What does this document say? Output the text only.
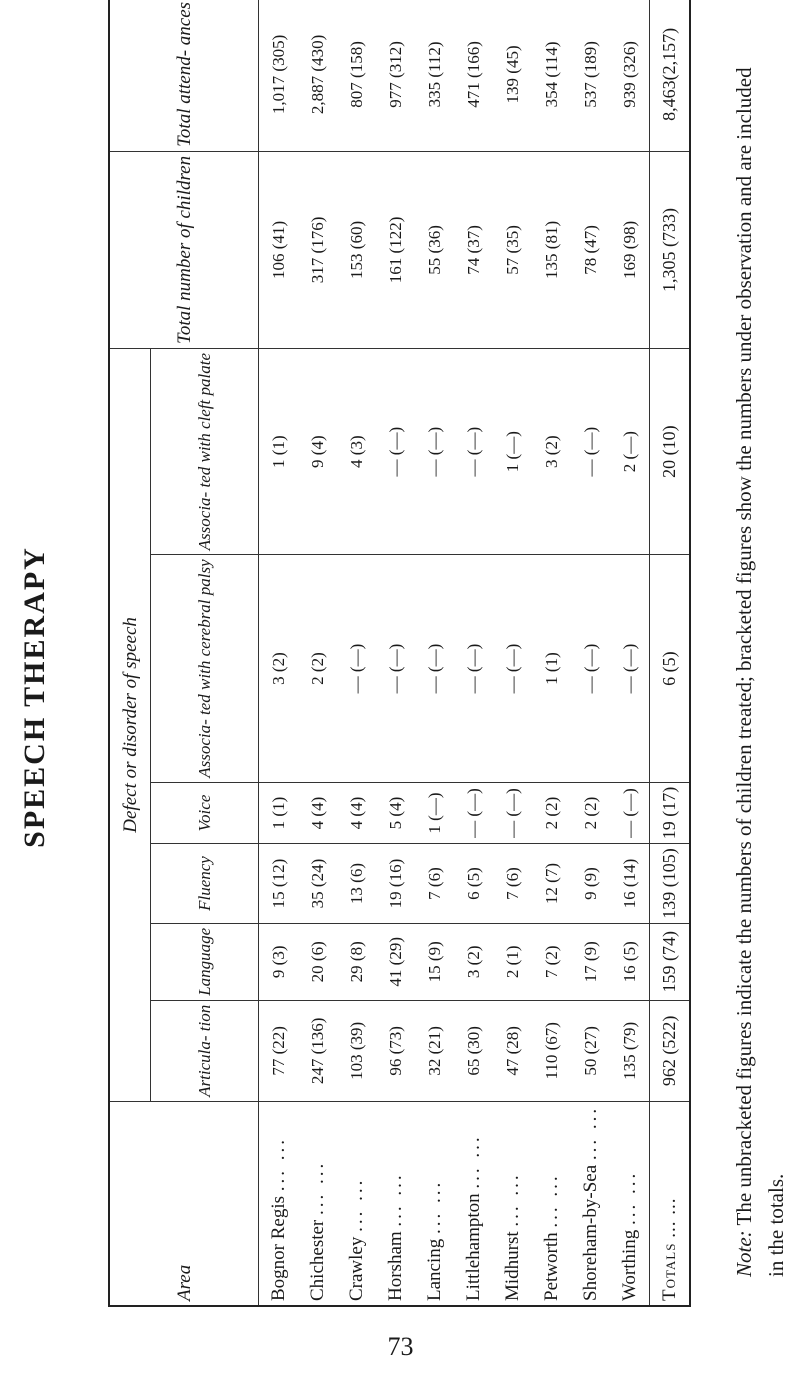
SPEECH THERAPY
Area	Defect or disorder of speech						Total number of children	Total attend- ances			
	Articula- tion	Language	Fluency	Voice	Associa- ted with cerebral palsy	Associa- ted with cleft palate					
Bognor Regis ... ...	77 (22)	9 (3)	15 (12)	1 (1)	3 (2)	1 (1)	106 (41)	1,017 (305)			
Chichester ... ...	247 (136)	20 (6)	35 (24)	4 (4)	2 (2)	9 (4)	317 (176)	2,887 (430)			
Crawley ... ...	103 (39)	29 (8)	13 (6)	4 (4)	— (—)	4 (3)	153 (60)	807 (158)			
Horsham ... ...	96 (73)	41 (29)	19 (16)	5 (4)	— (—)	— (—)	161 (122)	977 (312)			
Lancing ... ...	32 (21)	15 (9)	7 (6)	1 (—)	— (—)	— (—)	55 (36)	335 (112)			
Littlehampton ... ...	65 (30)	3 (2)	6 (5)	— (—)	— (—)	— (—)	74 (37)	471 (166)			
Midhurst ... ...	47 (28)	2 (1)	7 (6)	— (—)	— (—)	1 (—)	57 (35)	139 (45)			
Petworth ... ...	110 (67)	7 (2)	12 (7)	2 (2)	1 (1)	3 (2)	135 (81)	354 (114)			
Shoreham-by-Sea ... ...	50 (27)	17 (9)	9 (9)	2 (2)	— (—)	— (—)	78 (47)	537 (189)			
Worthing ... ...	135 (79)	16 (5)	16 (14)	— (—)	— (—)	2 (—)	169 (98)	939 (326)			
Totals ... ...	962 (522)	159 (74)	139 (105)	19 (17)	6 (5)	20 (10)	1,305 (733)	8,463(2,157)			
Note: The unbracketed figures indicate the numbers of children treated; bracketed figures show the numbers under observation and are included in the totals.
73
